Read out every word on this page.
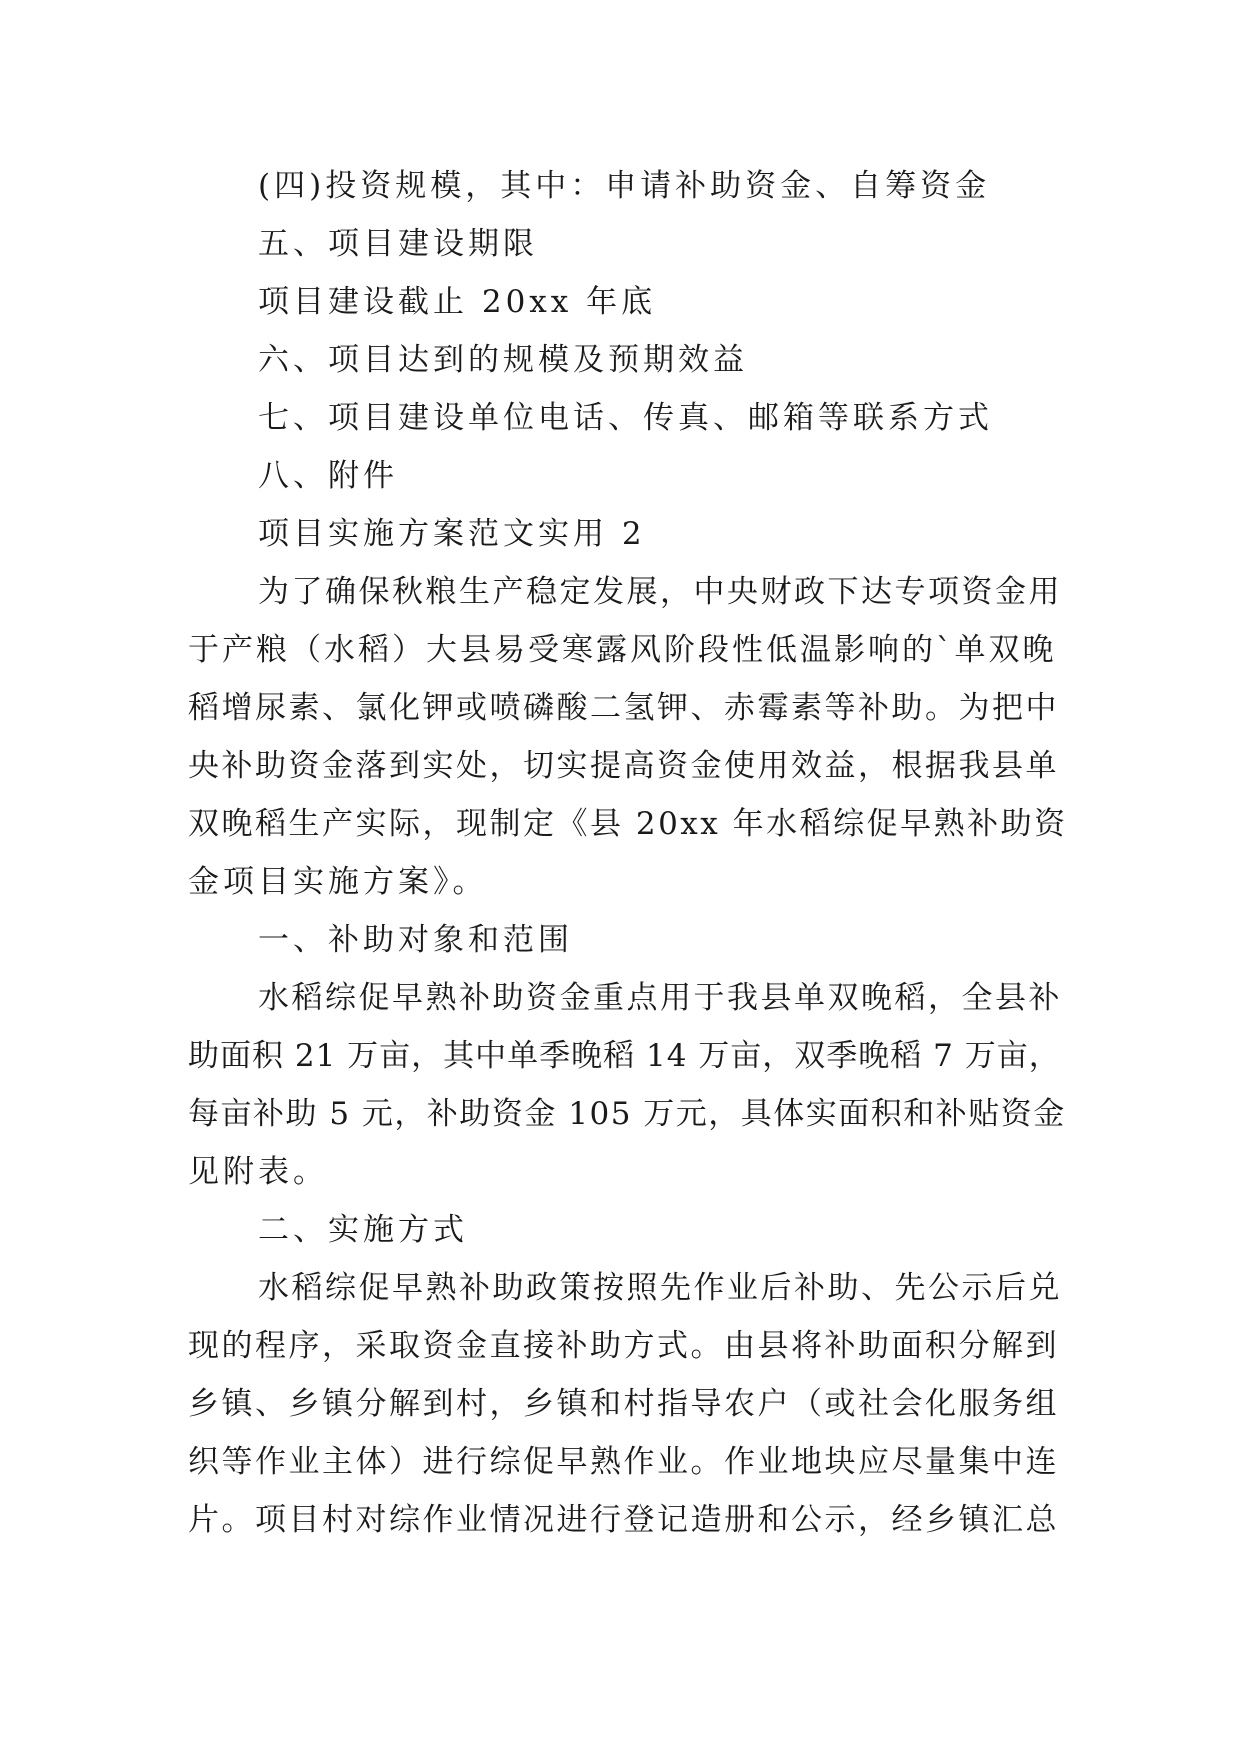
(四)投资规模，其中：申请补助资金、自筹资金
五、项目建设期限
项目建设截止 20xx 年底
六、项目达到的规模及预期效益
七、项目建设单位电话、传真、邮箱等联系方式
八、附件
项目实施方案范文实用 2
为了确保秋粮生产稳定发展，中央财政下达专项资金用
于产粮（水稻）大县易受寒露风阶段性低温影响的`单双晚
稻增尿素、氯化钾或喷磷酸二氢钾、赤霉素等补助。为把中
央补助资金落到实处，切实提高资金使用效益，根据我县单
双晚稻生产实际，现制定《县 20xx 年水稻综促早熟补助资
金项目实施方案》。
一、补助对象和范围
水稻综促早熟补助资金重点用于我县单双晚稻，全县补
助面积 21 万亩，其中单季晚稻 14 万亩，双季晚稻 7 万亩，
每亩补助 5 元，补助资金 105 万元，具体实面积和补贴资金
见附表。
二、实施方式
水稻综促早熟补助政策按照先作业后补助、先公示后兑
现的程序，采取资金直接补助方式。由县将补助面积分解到
乡镇、乡镇分解到村，乡镇和村指导农户（或社会化服务组
织等作业主体）进行综促早熟作业。作业地块应尽量集中连
片。项目村对综作业情况进行登记造册和公示，经乡镇汇总
